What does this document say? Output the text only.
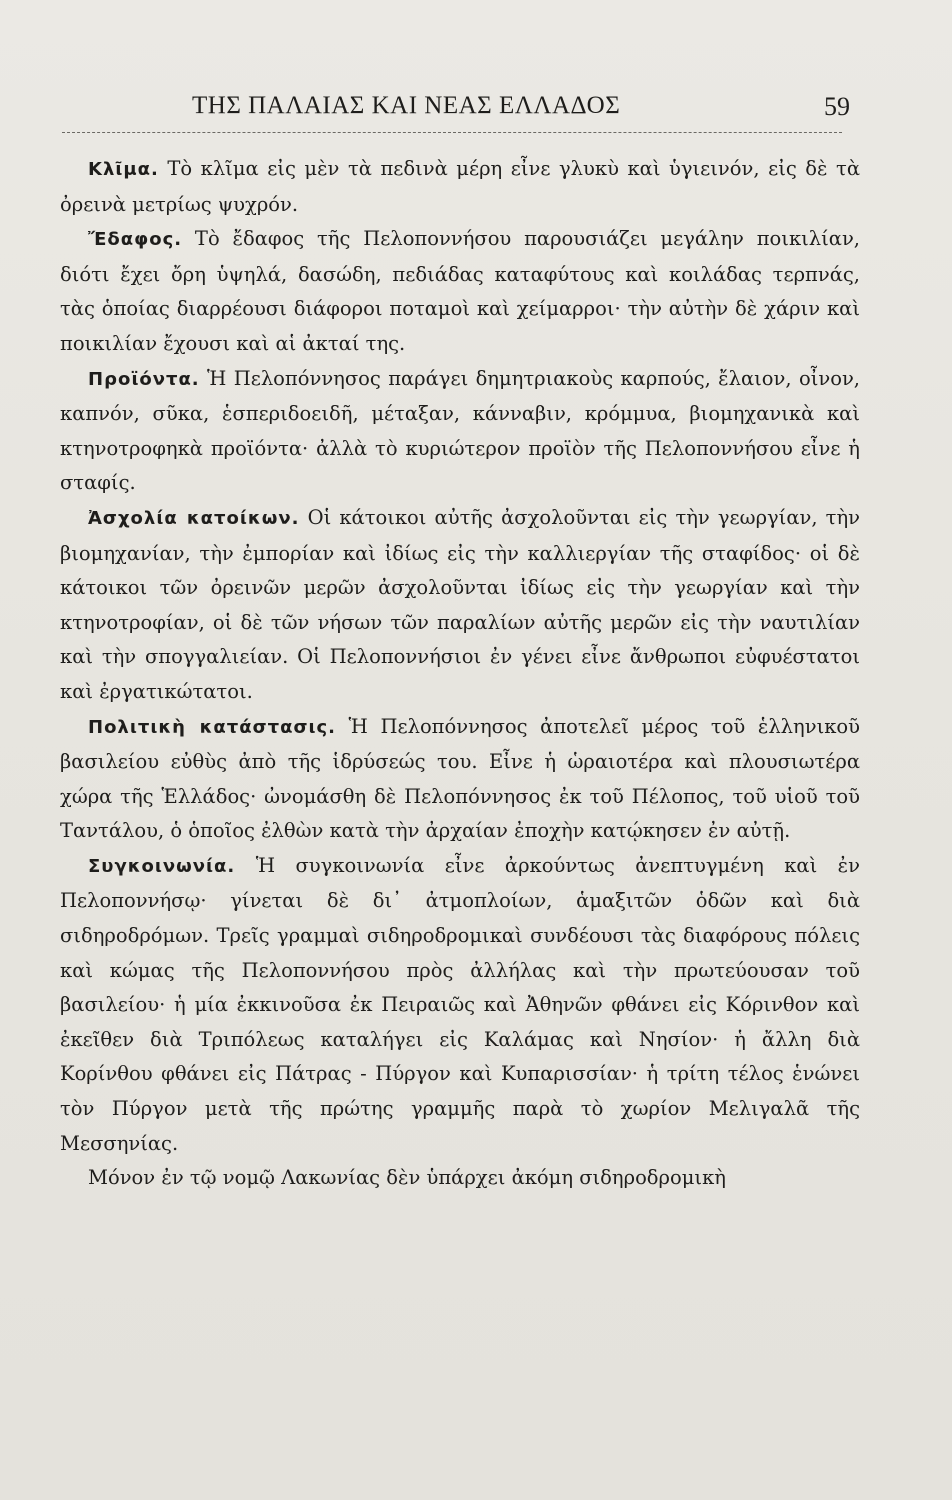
ΤΗΣ ΠΑΛΑΙΑΣ ΚΑΙ ΝΕΑΣ ΕΛΛΑΔΟΣ	59

Κλῖμα. Τὸ κλῖμα εἰς μὲν τὰ πεδινὰ μέρη εἶνε γλυκὺ καὶ ὑγιεινόν, εἰς δὲ τὰ ὀρεινὰ μετρίως ψυχρόν.

Ἔδαφος. Τὸ ἔδαφος τῆς Πελοποννήσου παρουσιάζει μεγάλην ποικιλίαν, διότι ἔχει ὄρη ὑψηλά, δασώδη, πεδιάδας καταφύτους καὶ κοιλάδας τερπνάς, τὰς ὁποίας διαρρέουσι διάφοροι ποταμοὶ καὶ χείμαρροι· τὴν αὐτὴν δὲ χάριν καὶ ποικιλίαν ἔχουσι καὶ αἱ ἀκταί της.

Προϊόντα. Ἡ Πελοπόννησος παράγει δημητριακοὺς καρπούς, ἔλαιον, οἶνον, καπνόν, σῦκα, ἑσπεριδοειδῆ, μέταξαν, κάνναβιν, κρόμμυα, βιομηχανικὰ καὶ κτηνοτροφηκὰ προϊόντα· ἀλλὰ τὸ κυριώτερον προϊὸν τῆς Πελοποννήσου εἶνε ἡ σταφίς.

Ἀσχολία κατοίκων. Οἱ κάτοικοι αὐτῆς ἀσχολοῦνται εἰς τὴν γεωργίαν, τὴν βιομηχανίαν, τὴν ἐμπορίαν καὶ ἰδίως εἰς τὴν καλλιεργίαν τῆς σταφίδος· οἱ δὲ κάτοικοι τῶν ὀρεινῶν μερῶν ἀσχολοῦνται ἰδίως εἰς τὴν γεωργίαν καὶ τὴν κτηνοτροφίαν, οἱ δὲ τῶν νήσων τῶν παραλίων αὐτῆς μερῶν εἰς τὴν ναυτιλίαν καὶ τὴν σπογγαλιείαν. Οἱ Πελοποννήσιοι ἐν γένει εἶνε ἄνθρωποι εὐφυέστατοι καὶ ἐργατικώτατοι.

Πολιτικὴ κατάστασις. Ἡ Πελοπόννησος ἀποτελεῖ μέρος τοῦ ἑλληνικοῦ βασιλείου εὐθὺς ἀπὸ τῆς ἱδρύσεώς του. Εἶνε ἡ ὡραιοτέρα καὶ πλουσιωτέρα χώρα τῆς Ἑλλάδος· ὠνομάσθη δὲ Πελοπόννησος ἐκ τοῦ Πέλοπος, τοῦ υἱοῦ τοῦ Ταντάλου, ὁ ὁποῖος ἐλθὼν κατὰ τὴν ἀρχαίαν ἐποχὴν κατῴκησεν ἐν αὐτῇ.

Συγκοινωνία. Ἡ συγκοινωνία εἶνε ἀρκούντως ἀνεπτυγμένη καὶ ἐν Πελοποννήσῳ· γίνεται δὲ δι᾽ ἀτμοπλοίων, ἁμαξιτῶν ὁδῶν καὶ διὰ σιδηροδρόμων. Τρεῖς γραμμαὶ σιδηροδρομικαὶ συνδέουσι τὰς διαφόρους πόλεις καὶ κώμας τῆς Πελοποννήσου πρὸς ἀλλήλας καὶ τὴν πρωτεύουσαν τοῦ βασιλείου· ἡ μία ἐκκινοῦσα ἐκ Πειραιῶς καὶ Ἀθηνῶν φθάνει εἰς Κόρινθον καὶ ἐκεῖθεν διὰ Τριπόλεως καταλήγει εἰς Καλάμας καὶ Νησίον· ἡ ἄλλη διὰ Κορίνθου φθάνει εἰς Πάτρας - Πύργον καὶ Κυπαρισσίαν· ἡ τρίτη τέλος ἑνώνει τὸν Πύργον μετὰ τῆς πρώτης γραμμῆς παρὰ τὸ χωρίον Μελιγαλᾶ τῆς Μεσσηνίας.

Μόνον ἐν τῷ νομῷ Λακωνίας δὲν ὑπάρχει ἀκόμη σιδηροδρομικὴ
